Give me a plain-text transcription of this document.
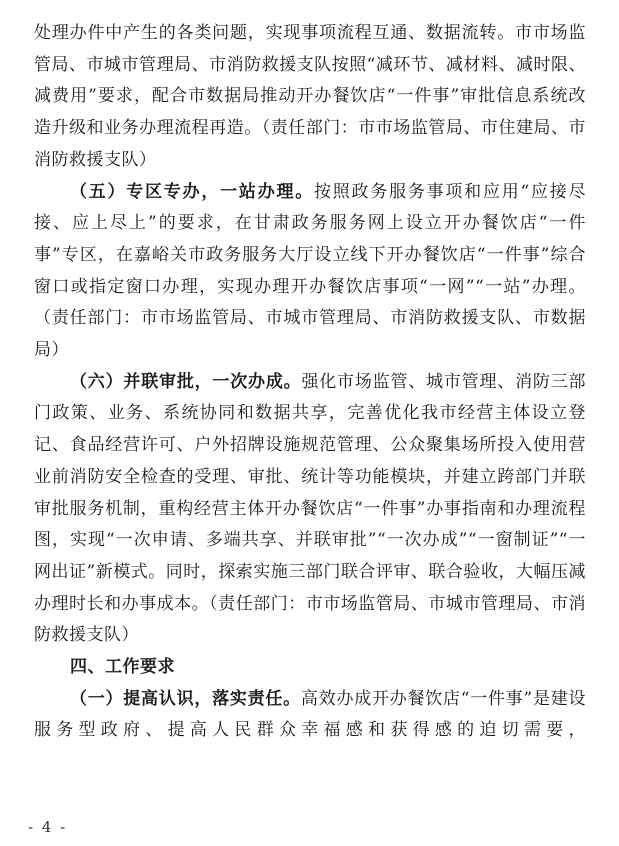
处理办件中产生的各类问题，实现事项流程互通、数据流转。市市场监管局、市城市管理局、市消防救援支队按照“减环节、减材料、减时限、减费用”要求，配合市数据局推动开办餐饮店“一件事”审批信息系统改造升级和业务办理流程再造。（责任部门：市市场监管局、市住建局、市消防救援支队）

（五）专区专办，一站办理。按照政务服务事项和应用“应接尽接、应上尽上”的要求，在甘肃政务服务网上设立开办餐饮店“一件事”专区，在嘉峪关市政务服务大厅设立线下开办餐饮店“一件事”综合窗口或指定窗口办理，实现办理开办餐饮店事项“一网”“一站”办理。（责任部门：市市场监管局、市城市管理局、市消防救援支队、市数据局）

（六）并联审批，一次办成。强化市场监管、城市管理、消防三部门政策、业务、系统协同和数据共享，完善优化我市经营主体设立登记、食品经营许可、户外招牌设施规范管理、公众聚集场所投入使用营业前消防安全检查的受理、审批、统计等功能模块，并建立跨部门并联审批服务机制，重构经营主体开办餐饮店“一件事”办事指南和办理流程图，实现“一次申请、多端共享、并联审批”“一次办成”“一窗制证”“一网出证”新模式。同时，探索实施三部门联合评审、联合验收，大幅压减办理时长和办事成本。（责任部门：市市场监管局、市城市管理局、市消防救援支队）

四、工作要求

（一）提高认识，落实责任。高效办成开办餐饮店“一件事”是建设服务型政府、提高人民群众幸福感和获得感的迫切需要，

- 4 -
